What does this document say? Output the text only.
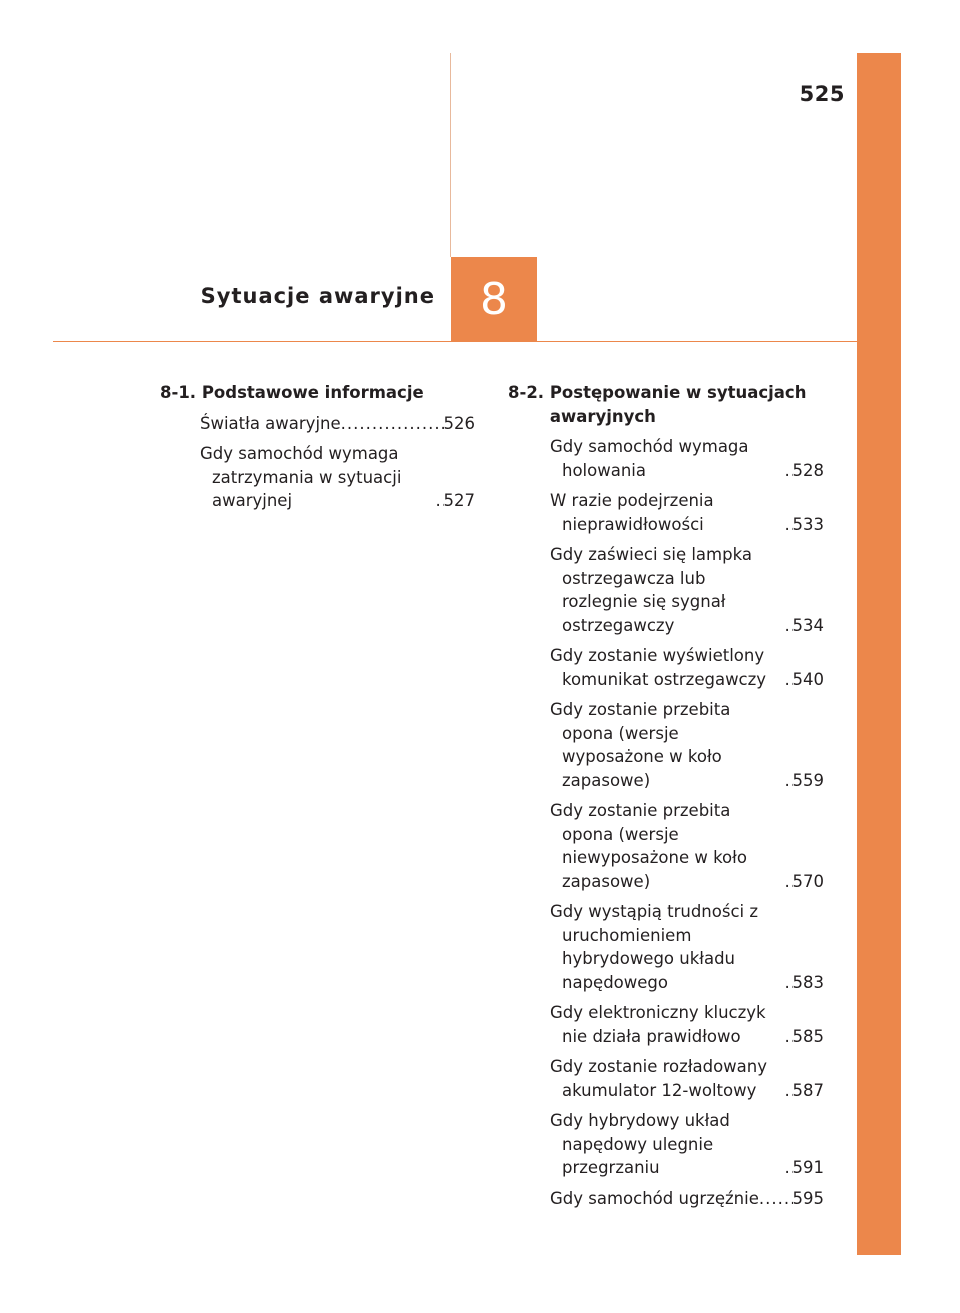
525
Sytuacje awaryjne 8
8-1.
Podstawowe informacje
Światła awaryjne .....	526
Gdy samochód wymaga zatrzymania w sytuacji awaryjnej .....	527
8-2.
Postępowanie w sytuacjach awaryjnych
Gdy samochód wymaga holowania .....	528
W razie podejrzenia nieprawidłowości .....	533
Gdy zaświeci się lampka ostrzegawcza lub rozlegnie się sygnał ostrzegawczy .....	534
Gdy zostanie wyświetlony komunikat ostrzegawczy .....	540
Gdy zostanie przebita opona (wersje wyposażone w koło zapasowe) .....	559
Gdy zostanie przebita opona (wersje niewyposażone w koło zapasowe) .....	570
Gdy wystąpią trudności z uruchomieniem hybrydowego układu napędowego .....	583
Gdy elektroniczny kluczyk nie działa prawidłowo .....	585
Gdy zostanie rozładowany akumulator 12-woltowy .....	587
Gdy hybrydowy układ napędowy ulegnie przegrzaniu .....	591
Gdy samochód ugrzęźnie ..... 595
